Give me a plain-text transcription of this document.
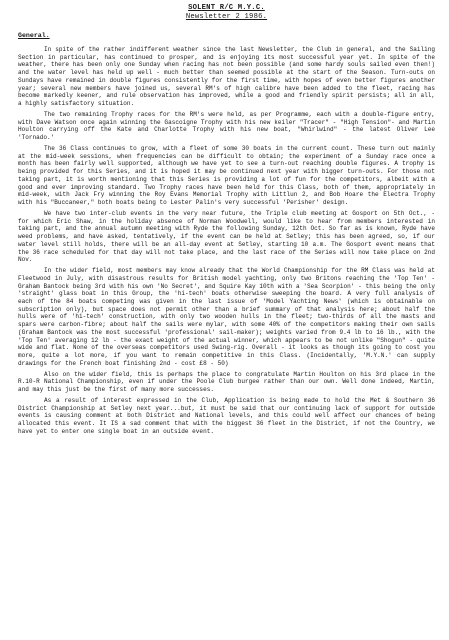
SOLENT R/C M.Y.C.
Newsletter 2 1986.
General.

In spite of the rather indifferent weather since the last Newsletter, the Club in general, and the Sailing Section in particular, has continued to prosper, and is enjoying its most successful year yet. In spite of the weather, there has been only one Sunday when racing has not been possible (and some hardy souls sailed even then!) and the water level has held up well - much better than seemed possible at the start of the Season. Turn-outs on Sundays have remained in double figures consistently for the first time, with hopes of even better figures another year; several new members have joined us, several RM's of high calibre have been added to the fleet, racing has become markedly keener, and rule observation has improved, while a good and friendly spirit persists; all in all, a highly satisfactory situation.

The two remaining Trophy races for the RM's were held, as per Programme, each with a double-figure entry, with Dave Watson once again winning the Gascoigne Trophy with his new keiler "Tracer" - "High Tension"- and Martin Houlton carrying off the Kate and Charlotte Trophy with his new boat, "Whirlwind" - the latest Oliver Lee 'Tornado.'

The 36 Class continues to grow, with a fleet of some 30 boats in the current count. These turn out mainly at the mid-week sessions, when frequencies can be difficult to obtain; the experiment of a Sunday race once a month has been fairly well supported, although we have yet to see a turn-out reaching double figures. A trophy is being provided for this Series, and it is hoped it may be continued next year with bigger turn-outs. For those not taking part, it is worth mentioning that this Series is providing a lot of fun for the competitors, albeit with a good and ever improving standard. Two Trophy races have been held for this Class, both of them, appropriately in mid-week, with Jack Fry winning the Roy Evans Memorial Trophy with Littlun 2, and Bob Hoare the Electra Trophy with his "Buccaneer," both boats being to Lester Palin's very successful 'Perisher' design.

We have two inter-club events in the very near future, the Triple club meeting at Gosport on 5th Oct., - for which Eric Shaw, in the holiday absence of Norman Woodwell, would like to hear from members interested in taking part, and the annual autumn meeting with Ryde the following Sunday, 12th Oct. So far as is known, Ryde have weed problems, and have asked, tentatively, if the event can be held at Setley; this has been agreed, so, if our water level still holds, there will be an all-day event at Setley, starting 10 a.m. The Gosport event means that the 36 race scheduled for that day will not take place, and the last race of the Series will now take place on 2nd Nov.

In the wider field, most members may know already that the World Championship for the RM Class was held at Fleetwood in July, with disastrous results for British model yachting, only two Britons reaching the 'Top Ten' - Graham Bantock being 3rd with his own 'No Secret', and Squire Kay 10th with a 'Sea Scorpion' - this being the only 'straight' glass boat in this Group, the 'hi-tech' boats otherwise sweeping the board. A very full analysis of each of the 84 boats competing was given in the last issue of 'Model Yachting News' (which is obtainable on subscription only), but space does not permit other than a brief summary of that analysis here; about half the hulls were of 'hi-tech' construction, with only two wooden hulls in the fleet; two-thirds of all the masts and spars were carbon-fibre; about half the sails were mylar, with some 40% of the competitors making their own sails (Graham Bantock was the most successful 'professional' sail-maker); weights varied from 9.4 lb to 16 lb., with the 'Top Ten' averaging 12 lb - the exact weight of the actual winner, which appears to be not unlike "Shogun" - quite wide and flat. None of the overseas competitors used Swing-rig. Overall - it looks as though its going to cost you more, quite a lot more, if you want to remain competitive in this Class. (Incidentally, 'M.Y.N.' can supply drawings for the French boat finishing 2nd - cost £8 - 50)

Also on the wider field, this is perhaps the place to congratulate Martin Houlton on his 3rd place in the R.10-R National Championship, even if under the Poole Club burgee rather than our own. Well done indeed, Martin, and may this just be the first of many more successes.

As a result of interest expressed in the Club, Application is being made to hold the Met & Southern 36 District Championship at Setley next year...but, it must be said that our continuing lack of support for outside events is causing comment at both District and National levels, and this could well affect our chances of being allocated this event. It IS a sad comment that with the biggest 36 fleet in the District, if not the Country, we have yet to enter one single boat in an outside event.
